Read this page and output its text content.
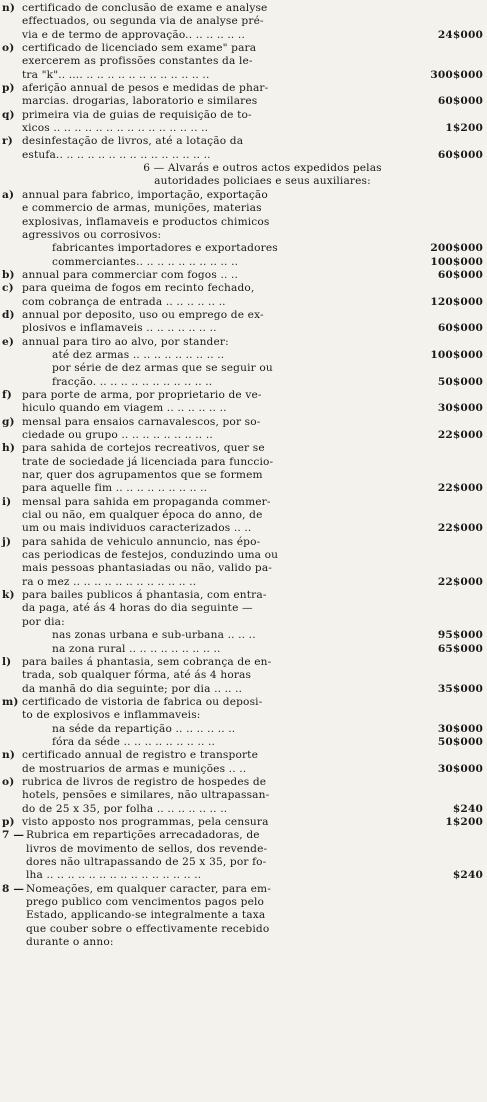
n) certificado de conclusão de exame e analyse
effectuados, ou segunda via de analyse pré-
via e de termo de approvação.. .. .. .. .. ..	24$000
o) certificado de licenciado sem exame" para
exercerem as profissões constantes da le-
tra "k".. .... .. .. .. .. .. .. .. .. .. .. .. ..	300$000
p) aferição annual de pesos e medidas de phar-
marcias. drogarias, laboratorio e similares	60$000
q) primeira via de guias de requisição de to-
xicos .. .. .. .. .. .. .. .. .. .. .. .. .. .. ..	1$200
r) desinfestação de livros, até a lotação da
estufa.. .. .. .. .. .. .. .. .. .. .. .. .. .. ..	60$000
6 — Alvarás e outros actos expedidos pelas
autoridades policiaes e seus auxiliares:
a) annual para fabrico, importação, exportação
e commercio de armas, munições, materias
explosivas, inflamaveis e productos chimicos
agressivos ou corrosivos:
fabricantes importadores e exportadores	200$000
commerciantes.. .. .. .. .. .. .. .. .. ..	100$000
b) annual para commerciar com fogos .. ..	60$000
c) para queima de fogos em recinto fechado,
com cobrança de entrada .. .. .. .. .. ..	120$000
d) annual por deposito, uso ou emprego de ex-
plosivos e inflamaveis .. .. .. .. .. .. ..	60$000
e) annual para tiro ao alvo, por stander:
até dez armas .. .. .. .. .. .. .. .. ..	100$000
por série de dez armas que se seguir ou
fracção. .. .. .. .. .. .. .. .. .. .. ..	50$000
f) para porte de arma, por proprietario de ve-
hiculo quando em viagem .. .. .. .. .. ..	30$000
g) mensal para ensaios carnavalescos, por so-
ciedade ou grupo .. .. .. .. .. .. .. .. ..	22$000
h) para sahida de cortejos recreativos, quer se
trate de sociedade já licenciada para funccio-
nar, quer dos agrupamentos que se formem
para aquelle fim .. .. .. .. .. .. .. .. ..	22$000
i)	mensal para sahida em propaganda commer-
cial ou não, em qualquer época do anno, de
um ou mais individuos caracterizados .. ..	22$000
j)	para sahida de vehiculo annuncio, nas épo-
cas periodicas de festejos, conduzindo uma ou
mais pessoas phantasiadas ou não, valido pa-
ra o mez .. .. .. .. .. .. .. .. .. .. .. ..	22$000
k) para bailes publicos á phantasia, com entra-
da paga, até ás 4 horas do dia seguinte —
por dia:
nas zonas urbana e sub-urbana .. .. ..	95$000
na zona rural .. .. .. .. .. .. .. .. ..	65$000
l)	para bailes á phantasia, sem cobrança de en-
trada, sob qualquer fórma, até ás 4 horas
da manhã do dia seguinte; por dia .. .. ..	35$000
m) certificado de vistoria de fabrica ou deposi-
to de explosivos e inflammaveis:
na séde da repartição .. .. .. .. .. ..	30$000
fóra da séde .. .. .. .. .. .. .. .. ..	50$000
n) certificado annual de registro e transporte
de mostruarios de armas e munições .. ..	30$000
o) rubrica de livros de registro de hospedes de
hotels, pensões e similares, não ultrapassan-
do de 25 x 35, por folha .. .. .. .. .. .. ..	$240
p) visto apposto nos programmas, pela censura	1$200
7 — Rubrica em repartições arrecadadoras, de
livros de movimento de sellos, dos revende-
dores não ultrapassando de 25 x 35, por fo-
lha .. .. .. .. .. .. .. .. .. .. .. .. .. .. ..	$240
8 — Nomeações, em qualquer caracter, para em-
prego publico com vencimentos pagos pelo
Estado, applicando-se integralmente a taxa
que couber sobre o effectivamente recebido
durante o anno:
